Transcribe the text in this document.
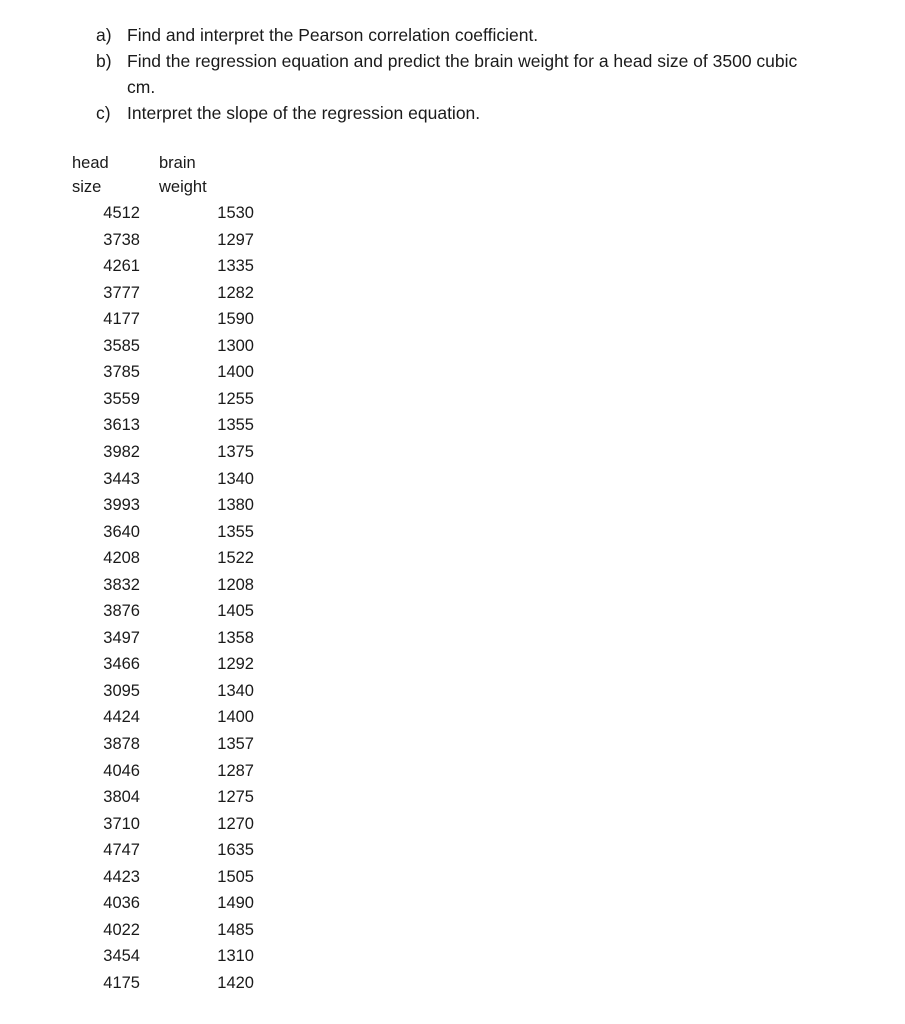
a) Find and interpret the Pearson correlation coefficient.
b) Find the regression equation and predict the brain weight for a head size of 3500 cubic
cm.
c) Interpret the slope of the regression equation.
head
size
brain
weight
4512	1530
3738	1297
4261	1335
3777	1282
4177	1590
3585	1300
3785	1400
3559	1255
3613	1355
3982	1375
3443	1340
3993	1380
3640	1355
4208	1522
3832	1208
3876	1405
3497	1358
3466	1292
3095	1340
4424	1400
3878	1357
4046	1287
3804	1275
3710	1270
4747	1635
4423	1505
4036	1490
4022	1485
3454	1310
4175	1420
